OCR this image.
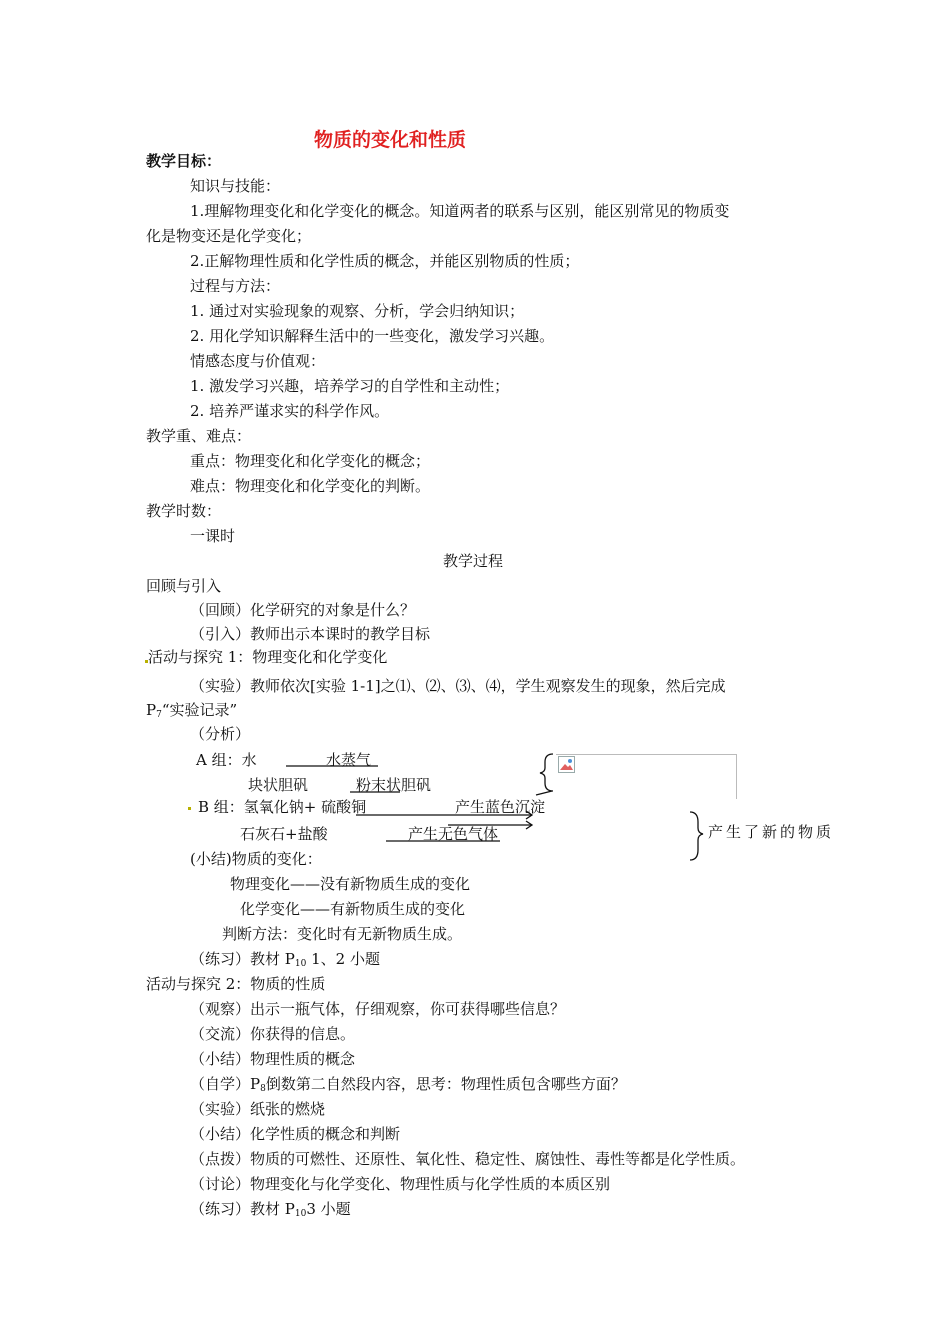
物质的变化和性质
教学目标：
知识与技能：
1.理解物理变化和化学变化的概念。知道两者的联系与区别，能区别常见的物质变
化是物变还是化学变化；
2.正解物理性质和化学性质的概念，并能区别物质的性质；
过程与方法：
1. 通过对实验现象的观察、分析，学会归纳知识；
2. 用化学知识解释生活中的一些变化，激发学习兴趣。
情感态度与价值观：
1. 激发学习兴趣，培养学习的自学性和主动性；
2. 培养严谨求实的科学作风。
教学重、难点：
重点：物理变化和化学变化的概念；
难点：物理变化和化学变化的判断。
教学时数：
一课时
教学过程
回顾与引入
（回顾）化学研究的对象是什么？
（引入）教师出示本课时的教学目标
活动与探究 1：物理变化和化学变化
（实验）教师依次[实验 1-1]之⑴、⑵、⑶、⑷，学生观察发生的现象，然后完成
$P_7“$实验记录”
（分析）
A 组：水	水蒸气
块状胆矾	粉末状胆矾
B 组：氢氧化钠+ 硫酸铜	产生蓝色沉淀
石灰石+盐酸	产生无色气体	产生了新的物质
(小结)物质的变化：
物理变化——没有新物质生成的变化
化学变化——有新物质生成的变化
判断方法：变化时有无新物质生成。
（练习）教材 $P_{10}$ 1、2 小题
活动与探究 2：物质的性质
（观察）出示一瓶气体，仔细观察，你可获得哪些信息？
（交流）你获得的信息。
（小结）物理性质的概念
（自学）$P_8$倒数第二自然段内容，思考：物理性质包含哪些方面？
（实验）纸张的燃烧
（小结）化学性质的概念和判断
（点拨）物质的可燃性、还原性、氧化性、稳定性、腐蚀性、毒性等都是化学性质。
（讨论）物理变化与化学变化、物理性质与化学性质的本质区别
（练习）教材 $P_{10}3$ 小题
